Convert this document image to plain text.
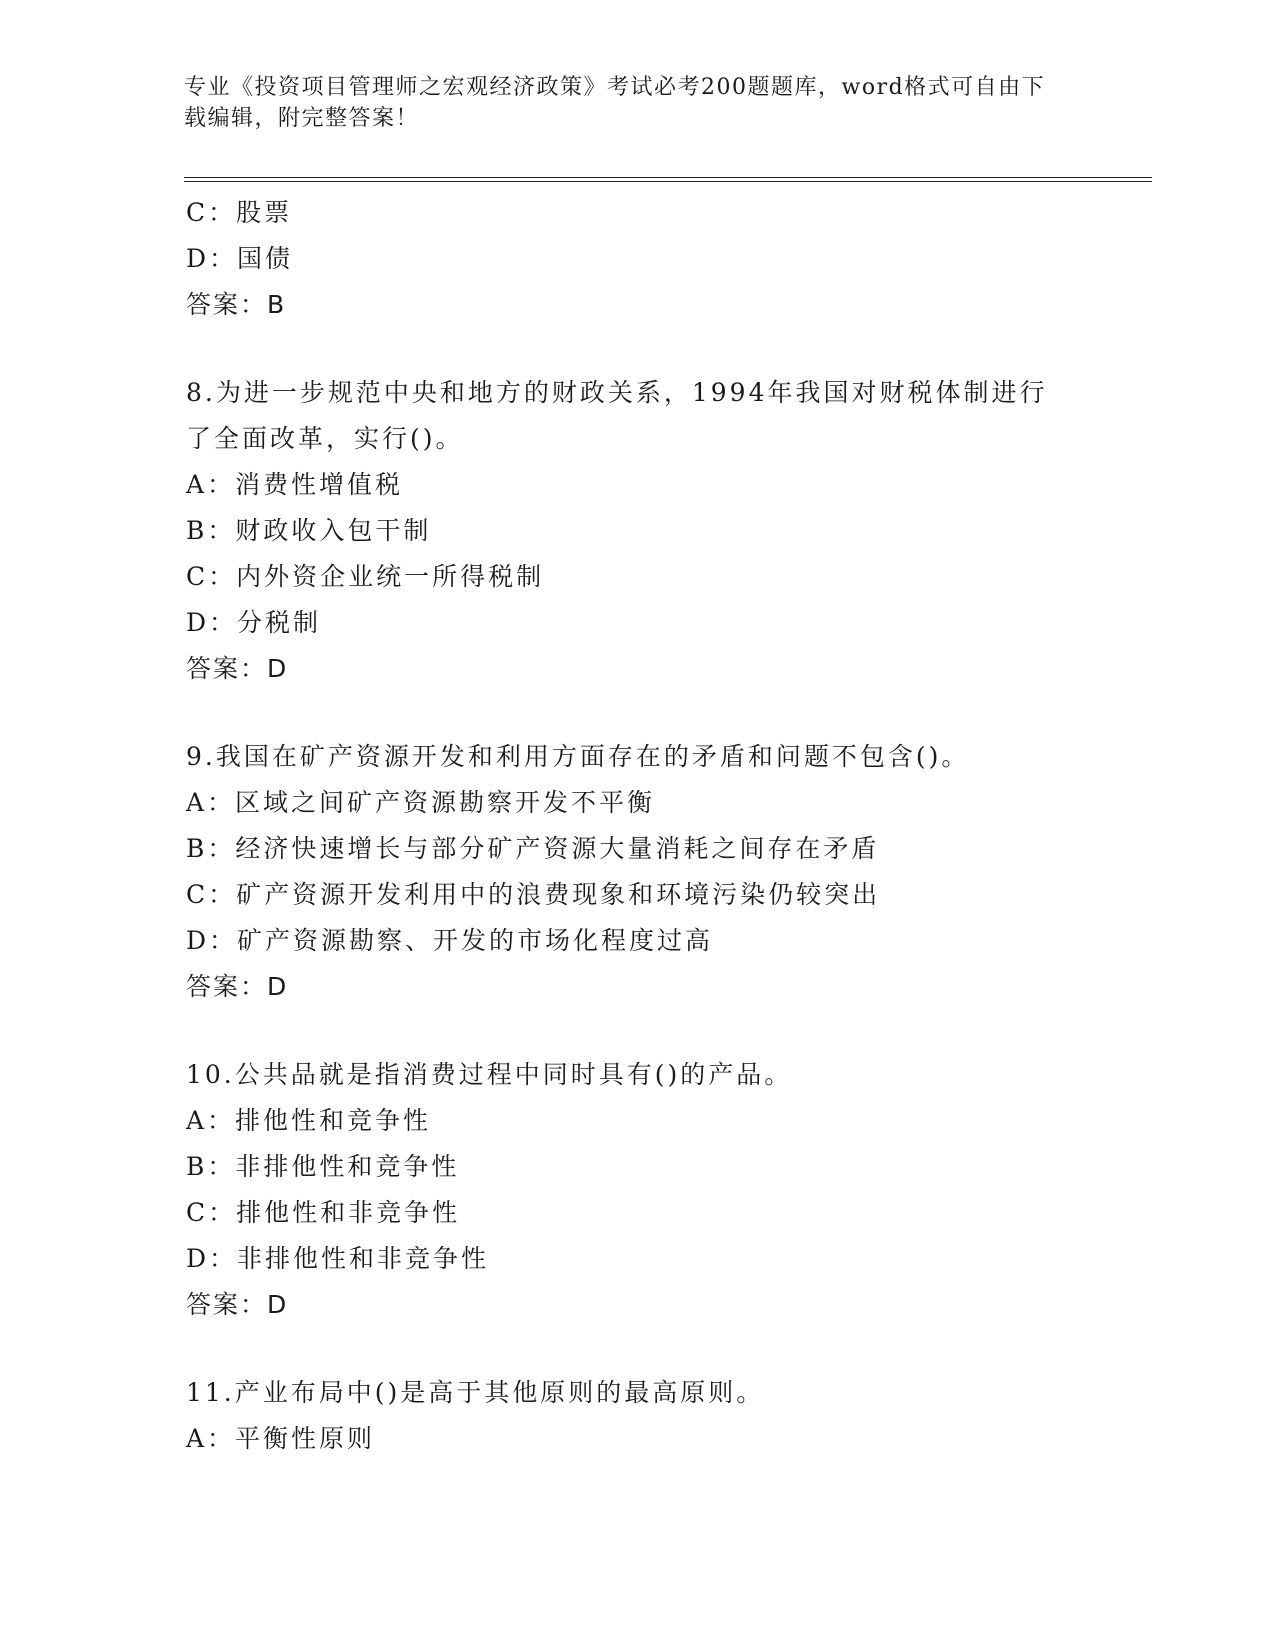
专业《投资项目管理师之宏观经济政策》考试必考200题题库，word格式可自由下载编辑，附完整答案！
C：股票
D：国债
答案：B
8.为进一步规范中央和地方的财政关系，1994年我国对财税体制进行了全面改革，实行()。
A：消费性增值税
B：财政收入包干制
C：内外资企业统一所得税制
D：分税制
答案：D
9.我国在矿产资源开发和利用方面存在的矛盾和问题不包含()。
A：区域之间矿产资源勘察开发不平衡
B：经济快速增长与部分矿产资源大量消耗之间存在矛盾
C：矿产资源开发利用中的浪费现象和环境污染仍较突出
D：矿产资源勘察、开发的市场化程度过高
答案：D
10.公共品就是指消费过程中同时具有()的产品。
A：排他性和竞争性
B：非排他性和竞争性
C：排他性和非竞争性
D：非排他性和非竞争性
答案：D
11.产业布局中()是高于其他原则的最高原则。
A：平衡性原则
